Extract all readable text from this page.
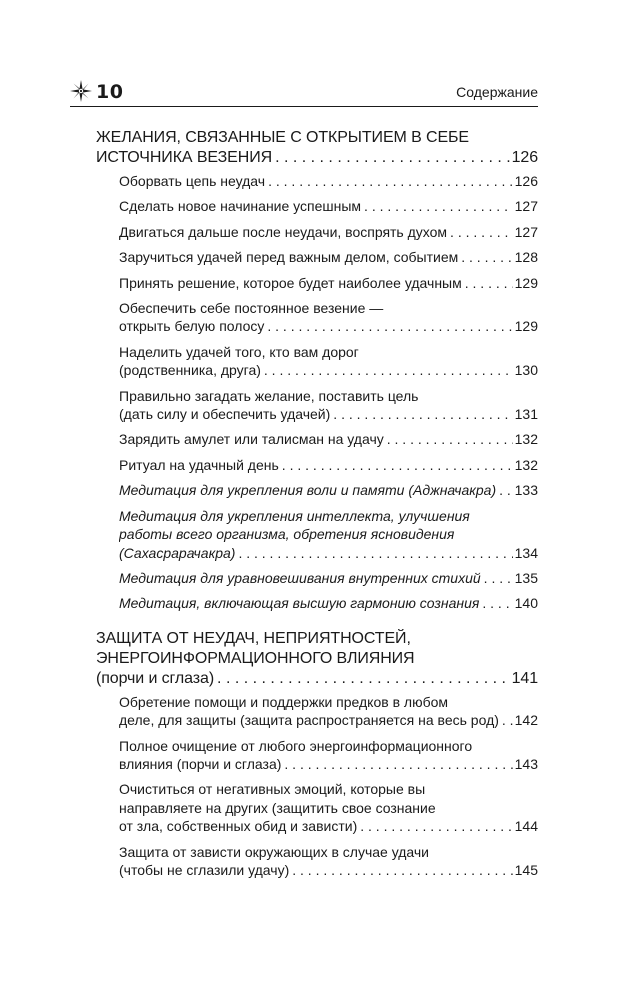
10	Содержание
ЖЕЛАНИЯ, СВЯЗАННЫЕ С ОТКРЫТИЕМ В СЕБЕ
ИСТОЧНИКА ВЕЗЕНИЯ . . .	126
Оборвать цепь неудач . . .	126
Сделать новое начинание успешным . . .	127
Двигаться дальше после неудачи, воспрять духом . . .	127
Заручиться удачей перед важным делом, событием . . .	128
Принять решение, которое будет наиболее удачным . . .	129
Обеспечить себе постоянное везение —
открыть белую полосу . . .	129
Наделить удачей того, кто вам дорог
(родственника, друга) . . .	130
Правильно загадать желание, поставить цель
(дать силу и обеспечить удачей) . . .	131
Зарядить амулет или талисман на удачу . . .	132
Ритуал на удачный день . . .	132
Медитация для укрепления воли и памяти (Аджначакра) . . . 133
Медитация для укрепления интеллекта, улучшения
работы всего организма, обретения ясновидения
(Сахасрарачакра) . . .	134
Медитация для уравновешивания внутренних стихий . . . 135
Медитация, включающая высшую гармонию сознания . . .	140
ЗАЩИТА ОТ НЕУДАЧ, НЕПРИЯТНОСТЕЙ,
ЭНЕРГОИНФОРМАЦИОННОГО ВЛИЯНИЯ
(порчи и сглаза) . . .	141
Обретение помощи и поддержки предков в любом
деле, для защиты (защита распространяется на весь род) . . . 142
Полное очищение от любого энергоинформационного
влияния (порчи и сглаза) . . .	143
Очиститься от негативных эмоций, которые вы
направляете на других (защитить свое сознание
от зла, собственных обид и зависти) . . .	144
Защита от зависти окружающих в случае удачи
(чтобы не сглазили удачу) . . .	145
